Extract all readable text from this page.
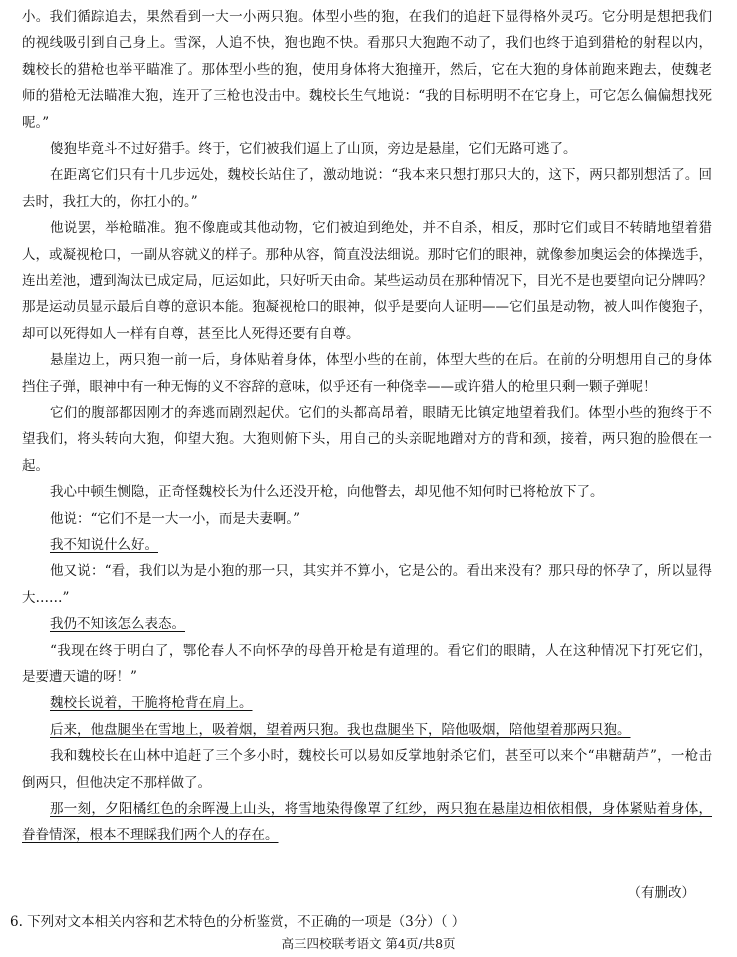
小。我们循踪追去，果然看到一大一小两只狍。体型小些的狍，在我们的追赶下显得格外灵巧。它分明是想把我们
的视线吸引到自己身上。雪深，人追不快，狍也跑不快。看那只大狍跑不动了，我们也终于追到猎枪的射程以内，
魏校长的猎枪也举平瞄准了。那体型小些的狍，使用身体将大狍撞开，然后，它在大狍的身体前跑来跑去，使魏老
师的猎枪无法瞄准大狍，连开了三枪也没击中。魏校长生气地说：“我的目标明明不在它身上，可它怎么偏偏想找死
呢。”
傻狍毕竟斗不过好猎手。终于，它们被我们逼上了山顶，旁边是悬崖，它们无路可逃了。
在距离它们只有十几步远处，魏校长站住了，激动地说：“我本来只想打那只大的，这下，两只都别想活了。回
去时，我扛大的，你扛小的。”
他说罢，举枪瞄准。狍不像鹿或其他动物，它们被迫到绝处，并不自杀，相反，那时它们或目不转睛地望着猎
人，或凝视枪口，一副从容就义的样子。那种从容，简直没法细说。那时它们的眼神，就像参加奥运会的体操选手，
连出差池，遭到淘汰已成定局，厄运如此，只好听天由命。某些运动员在那种情况下，目光不是也要望向记分牌吗？
那是运动员显示最后自尊的意识本能。狍凝视枪口的眼神，似乎是要向人证明——它们虽是动物，被人叫作傻狍子，
却可以死得如人一样有自尊，甚至比人死得还要有自尊。
悬崖边上，两只狍一前一后，身体贴着身体，体型小些的在前，体型大些的在后。在前的分明想用自己的身体
挡住子弹，眼神中有一种无悔的义不容辞的意味，似乎还有一种侥幸——或许猎人的枪里只剩一颗子弹呢！
它们的腹部都因刚才的奔逃而剧烈起伏。它们的头都高昂着，眼睛无比镇定地望着我们。体型小些的狍终于不
望我们，将头转向大狍，仰望大狍。大狍则俯下头，用自己的头亲昵地蹭对方的背和颈，接着，两只狍的脸偎在一
起。
我心中顿生恻隐，正奇怪魏校长为什么还没开枪，向他瞥去，却见他不知何时已将枪放下了。
他说：“它们不是一大一小，而是夫妻啊。”
我不知说什么好。
他又说：“看，我们以为是小狍的那一只，其实并不算小，它是公的。看出来没有？那只母的怀孕了，所以显得
大……”
我仍不知该怎么表态。
“我现在终于明白了，鄂伦春人不向怀孕的母兽开枪是有道理的。看它们的眼睛，人在这种情况下打死它们，
是要遭天谴的呀！”
魏校长说着，干脆将枪背在肩上。
后来，他盘腿坐在雪地上，吸着烟，望着两只狍。我也盘腿坐下，陪他吸烟，陪他望着那两只狍。
我和魏校长在山林中追赶了三个多小时，魏校长可以易如反掌地射杀它们，甚至可以来个“串糖葫芦”，一枪击
倒两只，但他决定不那样做了。
那一刻，夕阳橘红色的余晖漫上山头，将雪地染得像罩了红纱，两只狍在悬崖边相依相偎，身体紧贴着身体，
眷眷情深，根本不理睬我们两个人的存在。
（有删改）
6. 下列对文本相关内容和艺术特色的分析鉴赏，不正确的一项是（3分）（ ）
高三四校联考语文 第4页/共8页
